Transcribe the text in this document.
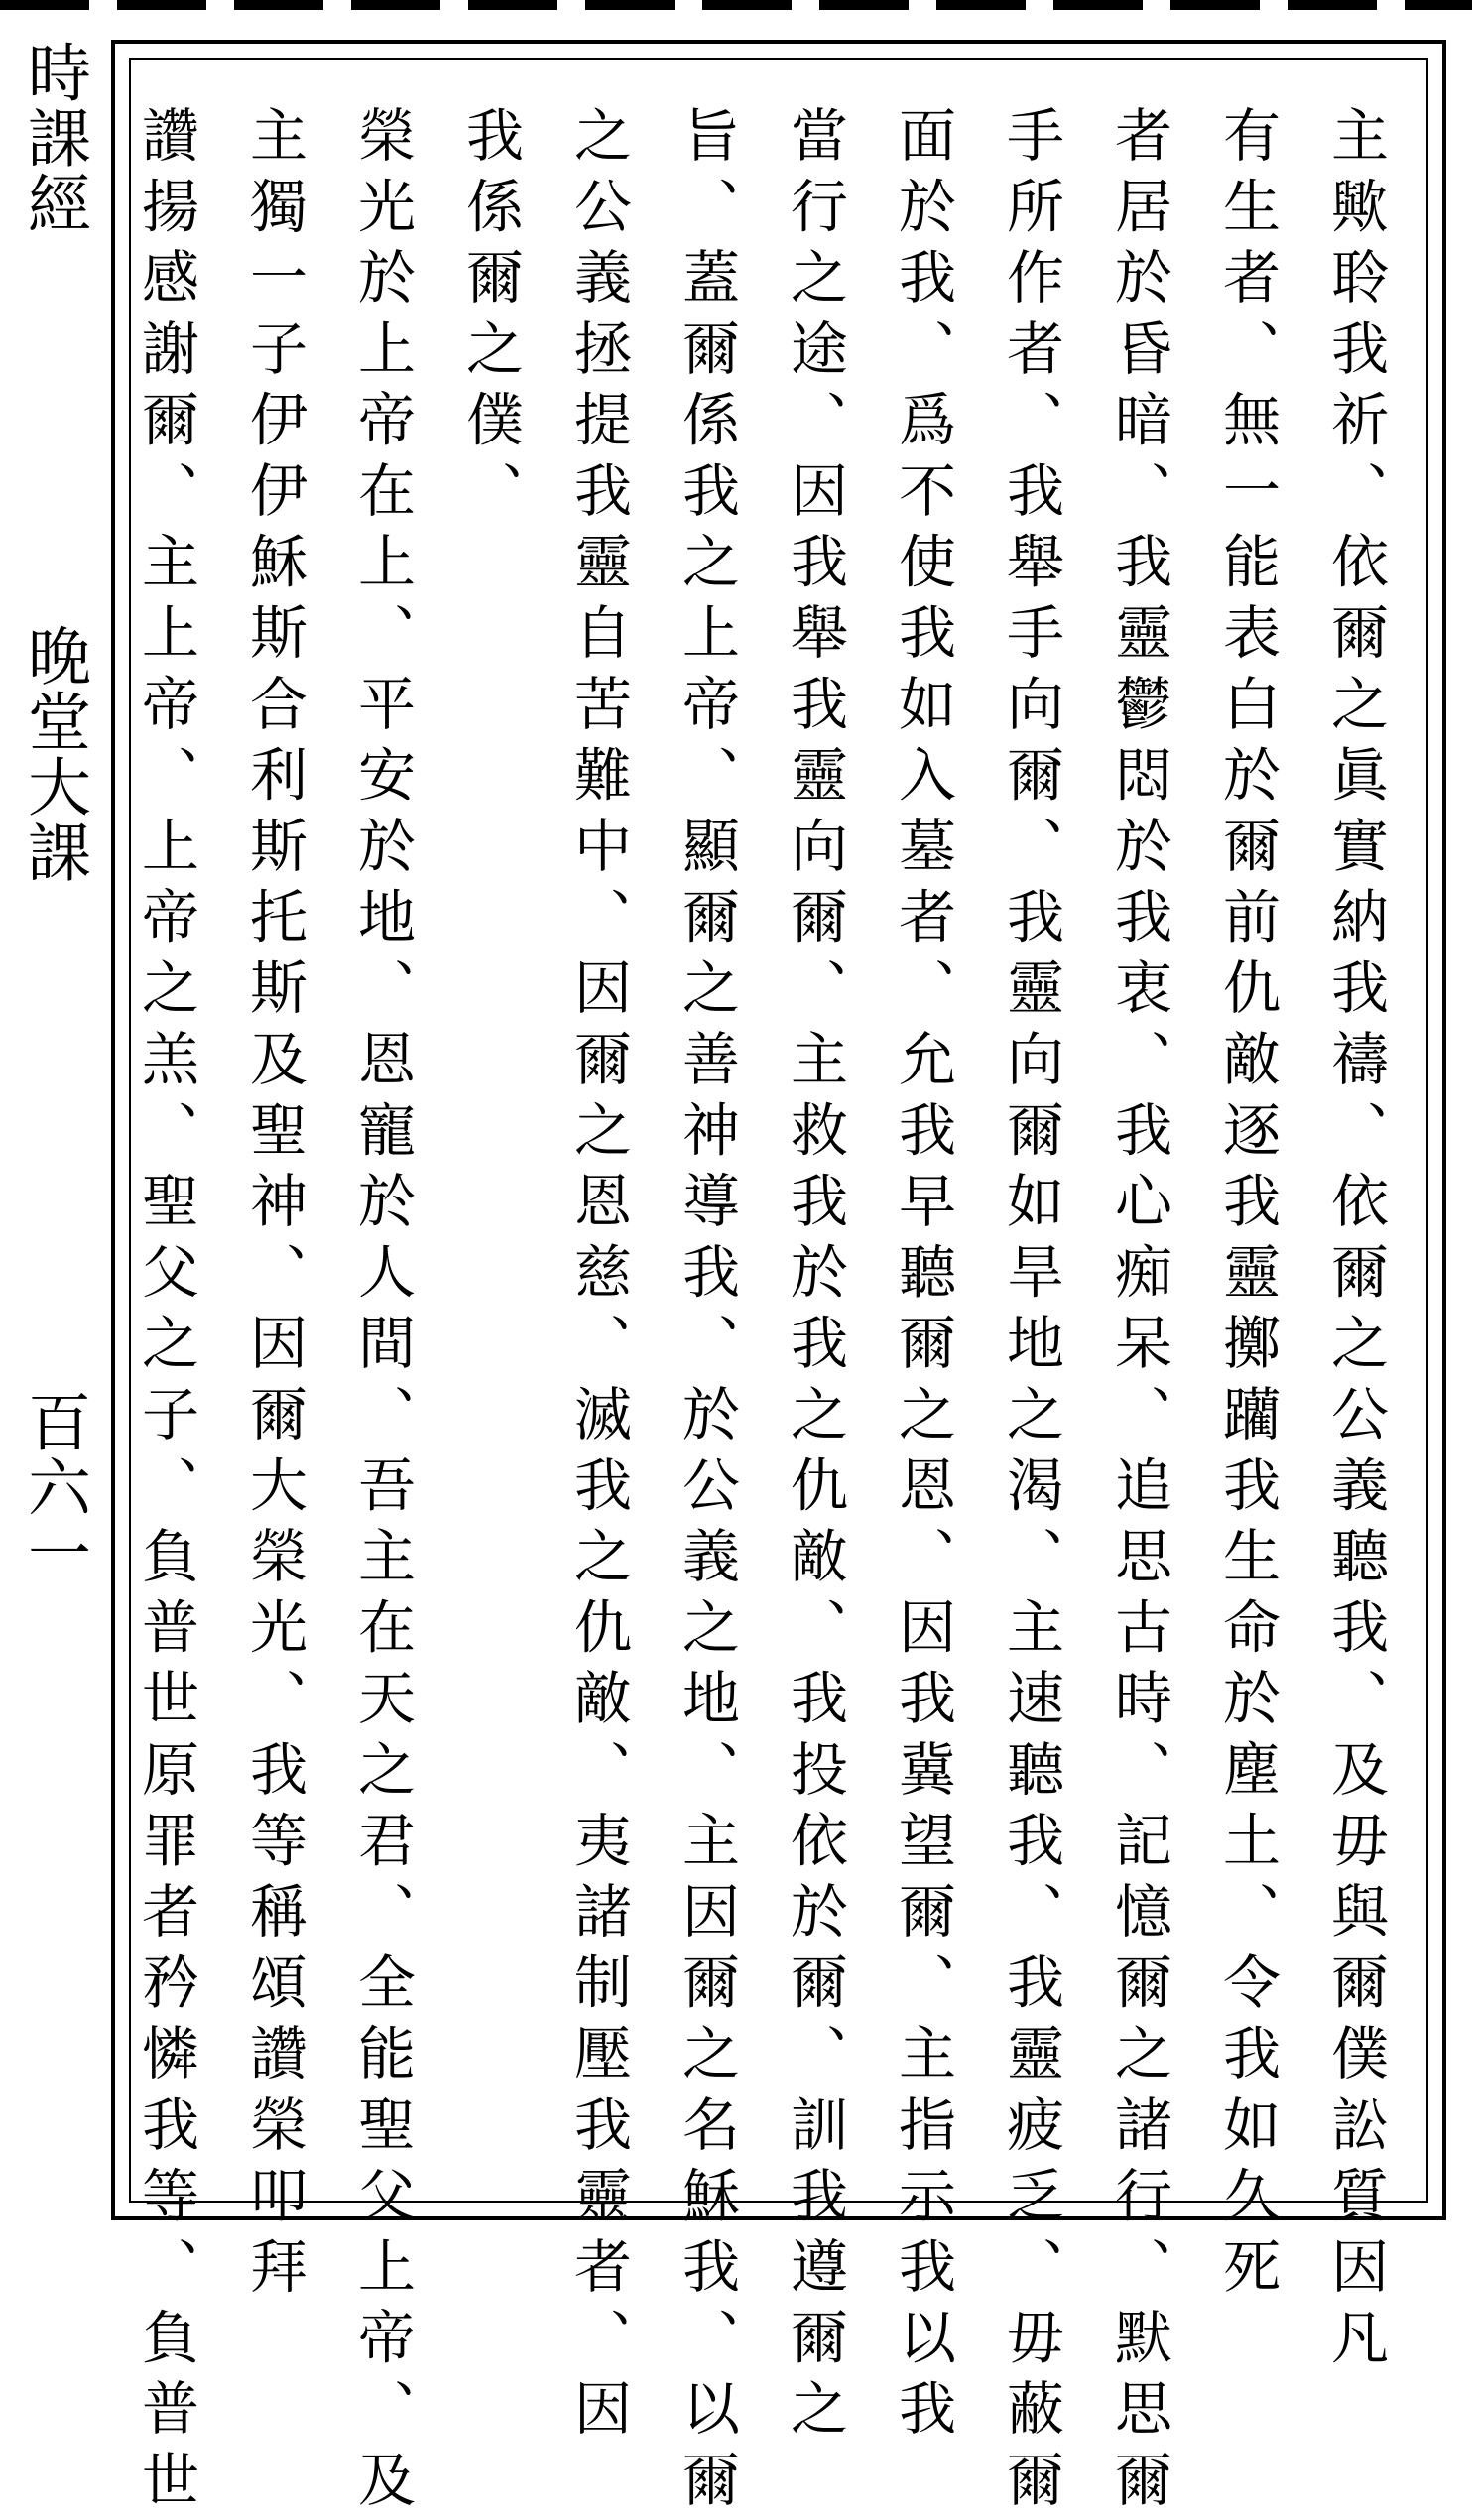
時課經
晚堂大課
百六一	主歟聆我祈、依爾之眞實納我禱、依爾之公義聽我、及毋與爾僕訟質因凡
有生者、無一能表白於爾前仇敵逐我靈擲躪我生命於塵土、令我如久死
者居於昏暗、我靈鬱悶於我衷、我心痴呆、追思古時、記憶爾之諸行、默思爾
手所作者、我舉手向爾、我靈向爾如旱地之渴、主速聽我、我靈疲乏、毋蔽爾
面於我、爲不使我如入墓者、允我早聽爾之恩、因我冀望爾、主指示我以我
當行之途、因我舉我靈向爾、主救我於我之仇敵、我投依於爾、訓我遵爾之
旨、蓋爾係我之上帝、顯爾之善神導我、於公義之地、主因爾之名穌我、以爾
之公義拯提我靈自苦難中、因爾之恩慈、滅我之仇敵、夷諸制壓我靈者、因
我係爾之僕、
榮光於上帝在上、平安於地、恩寵於人間、吾主在天之君、全能聖父上帝、及
主獨一子伊伊穌斯合利斯托斯及聖神、因爾大榮光、我等稱頌讚榮叩拜
讚揚感謝爾、主上帝、上帝之羔、聖父之子、負普世原罪者矜憐我等、負普世
